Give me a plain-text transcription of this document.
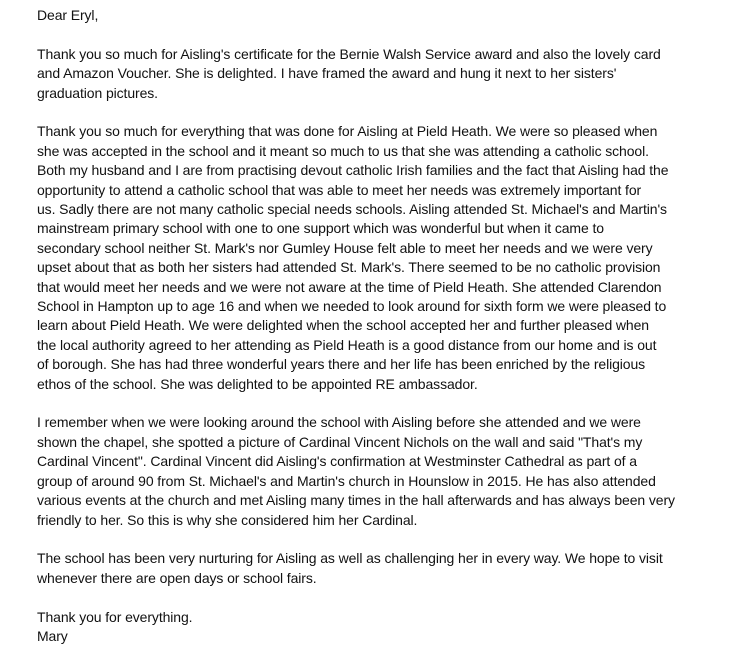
Dear Eryl,

Thank you so much for Aisling's certificate for the Bernie Walsh Service award and also the lovely card
and Amazon Voucher. She is delighted. I have framed the award and hung it next to her sisters'
graduation pictures.

Thank you so much for everything that was done for Aisling at Pield Heath. We were so pleased when
she was accepted in the school and it meant so much to us that she was attending a catholic school.
Both my husband and I are from practising devout catholic Irish families and the fact that Aisling had the
opportunity to attend a catholic school that was able to meet her needs was extremely important for
us. Sadly there are not many catholic special needs schools. Aisling attended St. Michael's and Martin's
mainstream primary school with one to one support which was wonderful but when it came to
secondary school neither St. Mark's nor Gumley House felt able to meet her needs and we were very
upset about that as both her sisters had attended St. Mark's. There seemed to be no catholic provision
that would meet her needs and we were not aware at the time of Pield Heath. She attended Clarendon
School in Hampton up to age 16 and when we needed to look around for sixth form we were pleased to
learn about Pield Heath. We were delighted when the school accepted her and further pleased when
the local authority agreed to her attending as Pield Heath is a good distance from our home and is out
of borough. She has had three wonderful years there and her life has been enriched by the religious
ethos of the school. She was delighted to be appointed RE ambassador.

I remember when we were looking around the school with Aisling before she attended and we were
shown the chapel, she spotted a picture of Cardinal Vincent Nichols on the wall and said "That's my
Cardinal Vincent". Cardinal Vincent did Aisling's confirmation at Westminster Cathedral as part of a
group of around 90 from St. Michael's and Martin's church in Hounslow in 2015. He has also attended
various events at the church and met Aisling many times in the hall afterwards and has always been very
friendly to her. So this is why she considered him her Cardinal.

The school has been very nurturing for Aisling as well as challenging her in every way. We hope to visit
whenever there are open days or school fairs.

Thank you for everything.
Mary
